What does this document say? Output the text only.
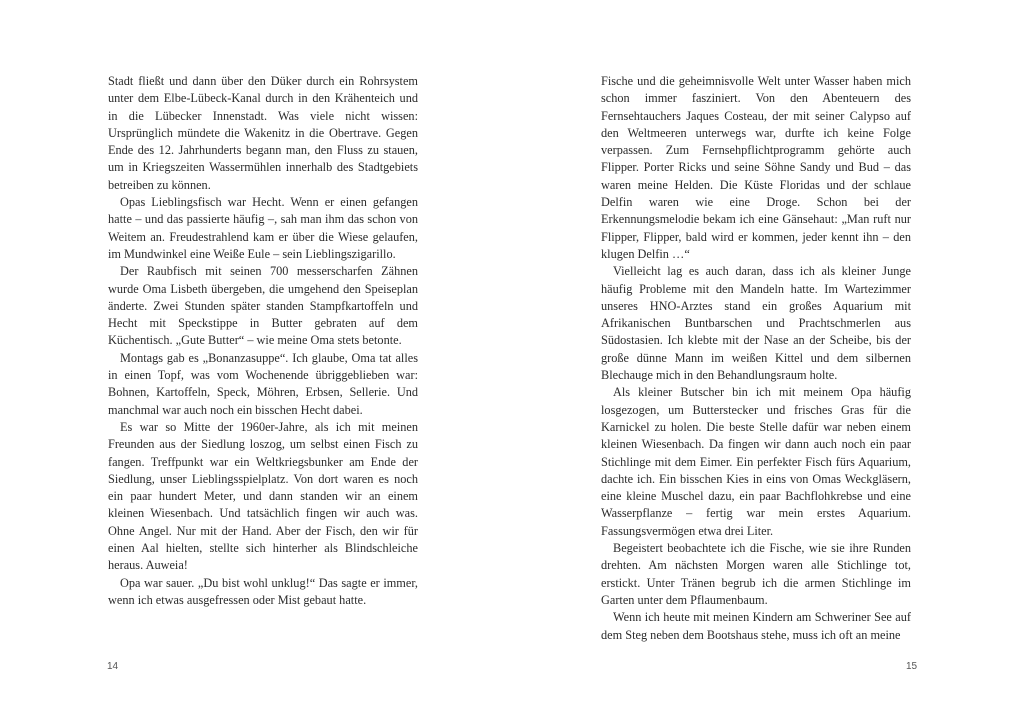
Stadt fließt und dann über den Düker durch ein Rohrsystem unter dem Elbe-Lübeck-Kanal durch in den Krähenteich und in die Lübecker Innenstadt. Was viele nicht wissen: Ursprünglich mündete die Wakenitz in die Obertrave. Gegen Ende des 12. Jahrhunderts begann man, den Fluss zu stauen, um in Kriegszeiten Wassermühlen innerhalb des Stadtgebiets betreiben zu können.

Opas Lieblingsfisch war Hecht. Wenn er einen gefangen hatte – und das passierte häufig –, sah man ihm das schon von Weitem an. Freudestrahlend kam er über die Wiese gelaufen, im Mundwinkel eine Weiße Eule – sein Lieblingszigarillo.

Der Raubfisch mit seinen 700 messerscharfen Zähnen wurde Oma Lisbeth übergeben, die umgehend den Speiseplan änderte. Zwei Stunden später standen Stampfkartoffeln und Hecht mit Speckstippe in Butter gebraten auf dem Küchentisch. „Gute Butter“ – wie meine Oma stets betonte.

Montags gab es „Bonanzasuppe“. Ich glaube, Oma tat alles in einen Topf, was vom Wochenende übriggeblieben war: Bohnen, Kartoffeln, Speck, Möhren, Erbsen, Sellerie. Und manchmal war auch noch ein bisschen Hecht dabei.

Es war so Mitte der 1960er-Jahre, als ich mit meinen Freunden aus der Siedlung loszog, um selbst einen Fisch zu fangen. Treffpunkt war ein Weltkriegsbunker am Ende der Siedlung, unser Lieblingsspielplatz. Von dort waren es noch ein paar hundert Meter, und dann standen wir an einem kleinen Wiesenbach. Und tatsächlich fingen wir auch was. Ohne Angel. Nur mit der Hand. Aber der Fisch, den wir für einen Aal hielten, stellte sich hinterher als Blindschleiche heraus. Auweia!

Opa war sauer. „Du bist wohl unklug!“ Das sagte er immer, wenn ich etwas ausgefressen oder Mist gebaut hatte.

14

Fische und die geheimnisvolle Welt unter Wasser haben mich schon immer fasziniert. Von den Abenteuern des Fernsehtauchers Jaques Costeau, der mit seiner Calypso auf den Weltmeeren unterwegs war, durfte ich keine Folge verpassen. Zum Fernsehpflichtprogramm gehörte auch Flipper. Porter Ricks und seine Söhne Sandy und Bud – das waren meine Helden. Die Küste Floridas und der schlaue Delfin waren wie eine Droge. Schon bei der Erkennungsmelodie bekam ich eine Gänsehaut: „Man ruft nur Flipper, Flipper, bald wird er kommen, jeder kennt ihn – den klugen Delfin …“

Vielleicht lag es auch daran, dass ich als kleiner Junge häufig Probleme mit den Mandeln hatte. Im Wartezimmer unseres HNO-Arztes stand ein großes Aquarium mit Afrikanischen Buntbarschen und Prachtschmerlen aus Südostasien. Ich klebte mit der Nase an der Scheibe, bis der große dünne Mann im weißen Kittel und dem silbernen Blechauge mich in den Behandlungsraum holte.

Als kleiner Butscher bin ich mit meinem Opa häufig losgezogen, um Butterstecker und frisches Gras für die Karnickel zu holen. Die beste Stelle dafür war neben einem kleinen Wiesenbach. Da fingen wir dann auch noch ein paar Stichlinge mit dem Eimer. Ein perfekter Fisch fürs Aquarium, dachte ich. Ein bisschen Kies in eins von Omas Weckgläsern, eine kleine Muschel dazu, ein paar Bachflohkrebse und eine Wasserpflanze – fertig war mein erstes Aquarium. Fassungsvermögen etwa drei Liter.

Begeistert beobachtete ich die Fische, wie sie ihre Runden drehten. Am nächsten Morgen waren alle Stichlinge tot, erstickt. Unter Tränen begrub ich die armen Stichlinge im Garten unter dem Pflaumenbaum.

Wenn ich heute mit meinen Kindern am Schweriner See auf dem Steg neben dem Bootshaus stehe, muss ich oft an meine

15
